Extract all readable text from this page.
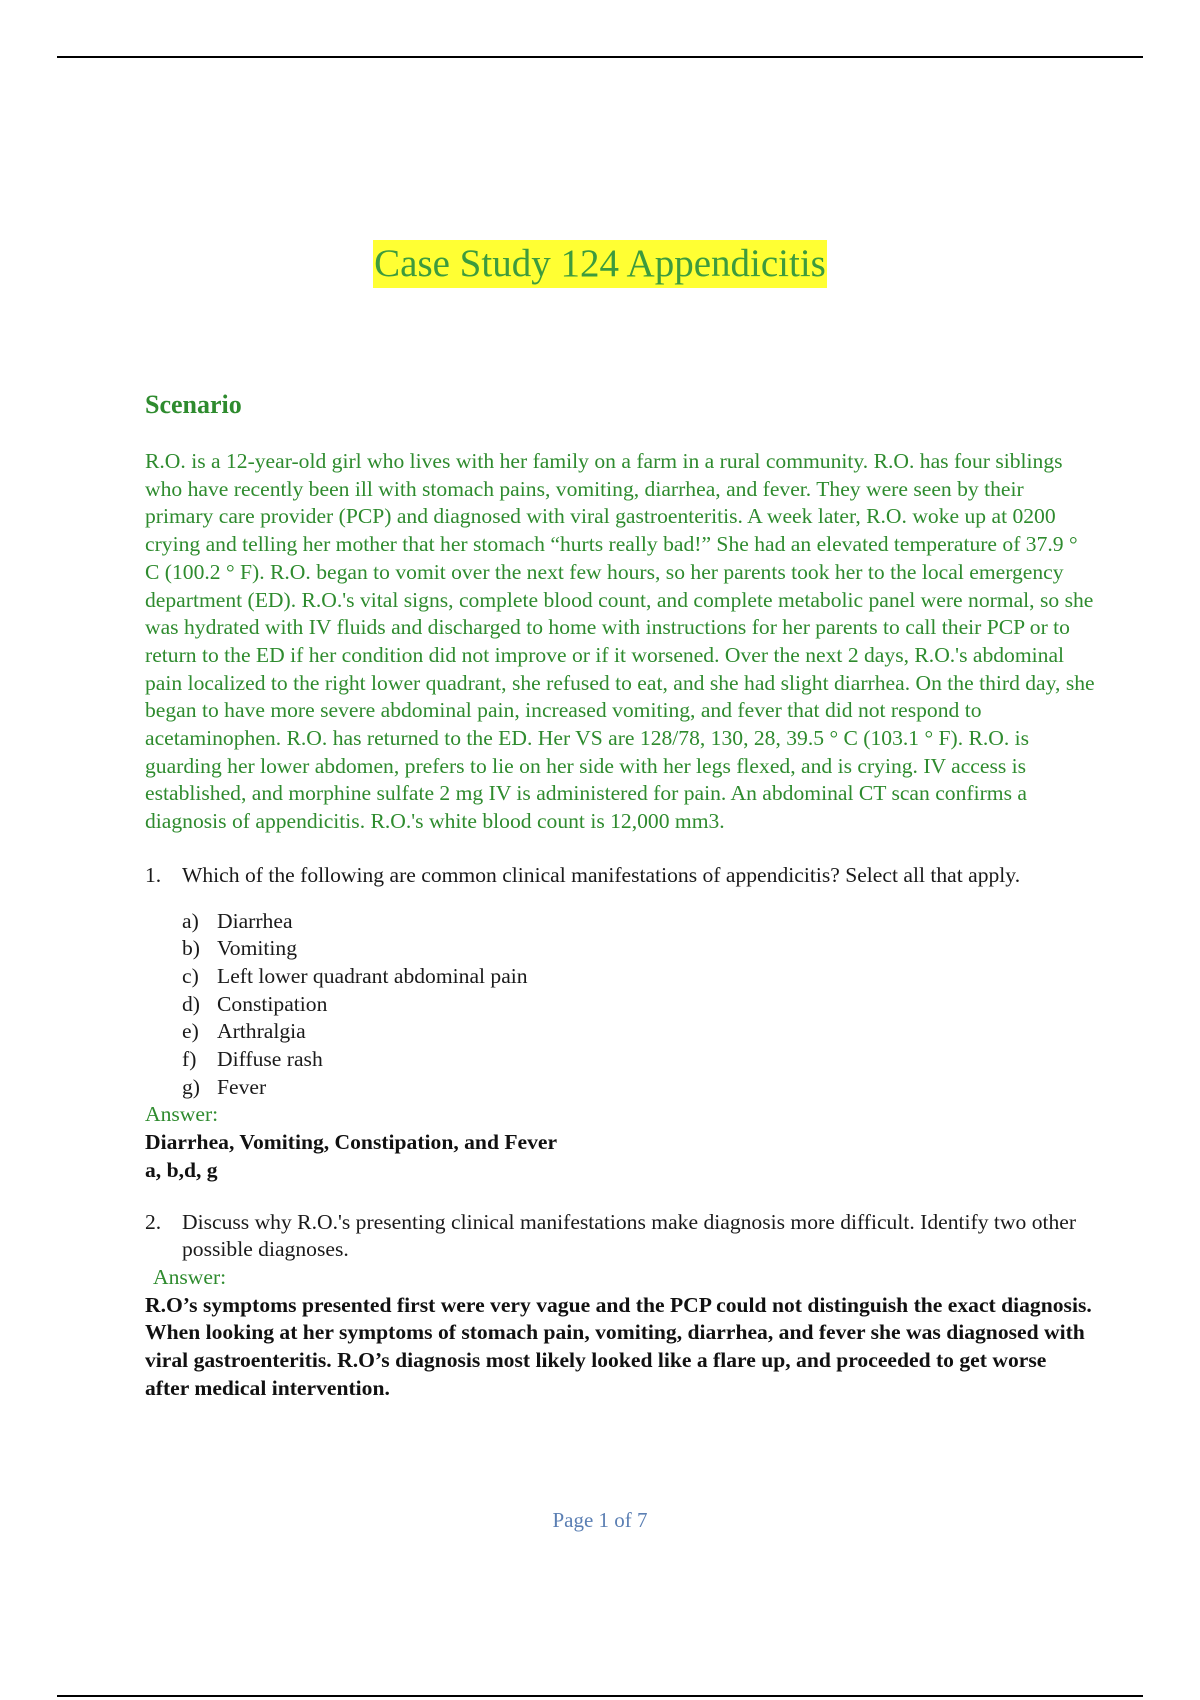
Case Study 124 Appendicitis

Scenario

R.O. is a 12-year-old girl who lives with her family on a farm in a rural community. R.O. has four siblings who have recently been ill with stomach pains, vomiting, diarrhea, and fever. They were seen by their primary care provider (PCP) and diagnosed with viral gastroenteritis. A week later, R.O. woke up at 0200 crying and telling her mother that her stomach “hurts really bad!” She had an elevated temperature of 37.9 ° C (100.2 ° F). R.O. began to vomit over the next few hours, so her parents took her to the local emergency department (ED). R.O.'s vital signs, complete blood count, and complete metabolic panel were normal, so she was hydrated with IV fluids and discharged to home with instructions for her parents to call their PCP or to return to the ED if her condition did not improve or if it worsened. Over the next 2 days, R.O.'s abdominal pain localized to the right lower quadrant, she refused to eat, and she had slight diarrhea. On the third day, she began to have more severe abdominal pain, increased vomiting, and fever that did not respond to acetaminophen. R.O. has returned to the ED. Her VS are 128/78, 130, 28, 39.5 ° C (103.1 ° F). R.O. is guarding her lower abdomen, prefers to lie on her side with her legs flexed, and is crying. IV access is established, and morphine sulfate 2 mg IV is administered for pain. An abdominal CT scan confirms a diagnosis of appendicitis. R.O.'s white blood count is 12,000 mm3.

1. Which of the following are common clinical manifestations of appendicitis? Select all that apply.
a) Diarrhea
b) Vomiting
c) Left lower quadrant abdominal pain
d) Constipation
e) Arthralgia
f) Diffuse rash
g) Fever

Answer:

Diarrhea, Vomiting, Constipation, and Fever

a, b,d, g

2. Discuss why R.O.'s presenting clinical manifestations make diagnosis more difficult. Identify two other possible diagnoses.

Answer:

R.O’s symptoms presented first were very vague and the PCP could not distinguish the exact diagnosis. When looking at her symptoms of stomach pain, vomiting, diarrhea, and fever she was diagnosed with viral gastroenteritis. R.O’s diagnosis most likely looked like a flare up, and proceeded to get worse after medical intervention.

Page 1 of 7
